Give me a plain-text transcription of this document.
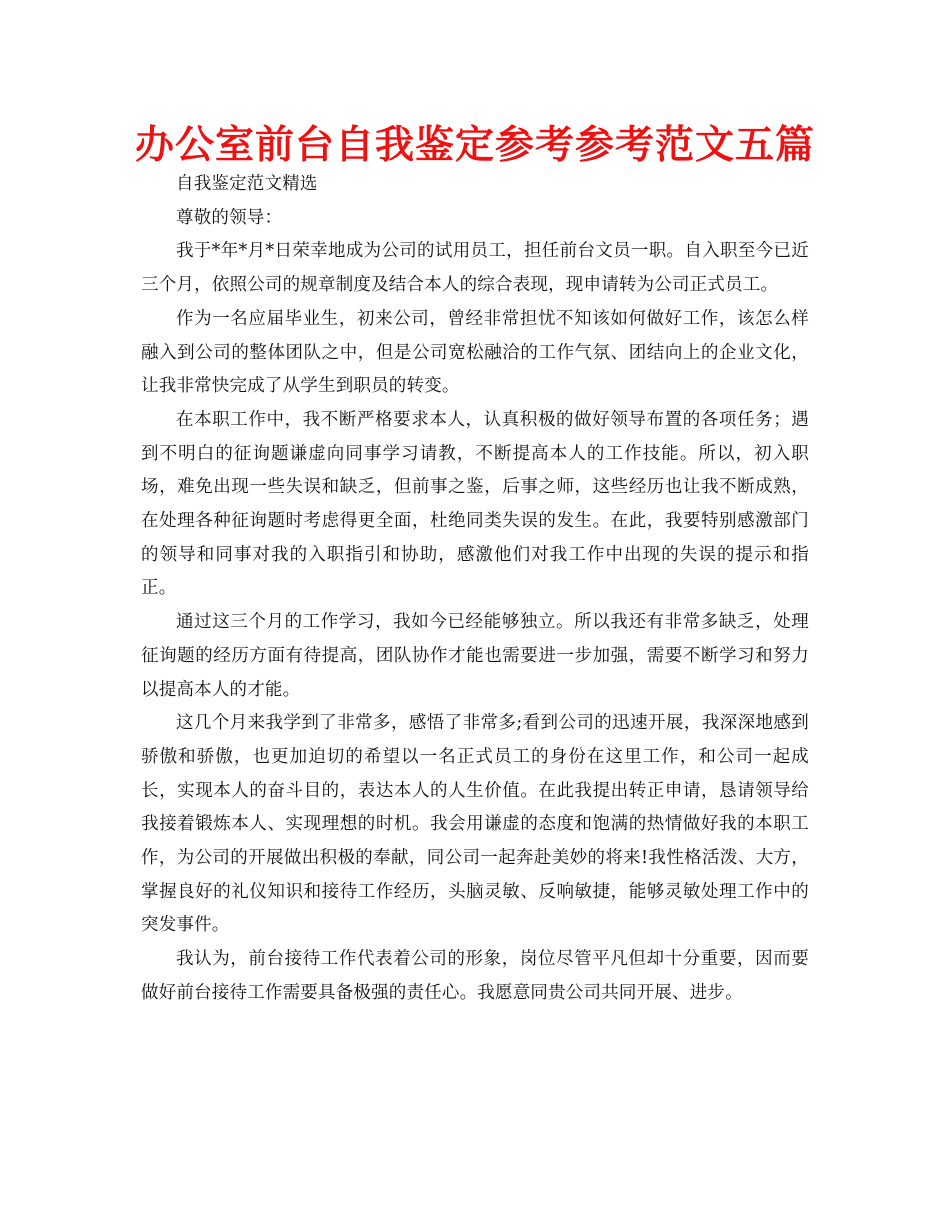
办公室前台自我鉴定参考参考范文五篇

自我鉴定范文精选

尊敬的领导：

我于*年*月*日荣幸地成为公司的试用员工，担任前台文员一职。自入职至今已近三个月，依照公司的规章制度及结合本人的综合表现，现申请转为公司正式员工。

作为一名应届毕业生，初来公司，曾经非常担忧不知该如何做好工作，该怎么样融入到公司的整体团队之中，但是公司宽松融洽的工作气氛、团结向上的企业文化，让我非常快完成了从学生到职员的转变。

在本职工作中，我不断严格要求本人，认真积极的做好领导布置的各项任务；遇到不明白的征询题谦虚向同事学习请教，不断提高本人的工作技能。所以，初入职场，难免出现一些失误和缺乏，但前事之鉴，后事之师，这些经历也让我不断成熟，在处理各种征询题时考虑得更全面，杜绝同类失误的发生。在此，我要特别感激部门的领导和同事对我的入职指引和协助，感激他们对我工作中出现的失误的提示和指正。

通过这三个月的工作学习，我如今已经能够独立。所以我还有非常多缺乏，处理征询题的经历方面有待提高，团队协作才能也需要进一步加强，需要不断学习和努力以提高本人的才能。

这几个月来我学到了非常多，感悟了非常多;看到公司的迅速开展，我深深地感到骄傲和骄傲，也更加迫切的希望以一名正式员工的身份在这里工作，和公司一起成长，实现本人的奋斗目的，表达本人的人生价值。在此我提出转正申请，恳请领导给我接着锻炼本人、实现理想的时机。我会用谦虚的态度和饱满的热情做好我的本职工作，为公司的开展做出积极的奉献，同公司一起奔赴美妙的将来!我性格活泼、大方，掌握良好的礼仪知识和接待工作经历，头脑灵敏、反响敏捷，能够灵敏处理工作中的突发事件。

我认为，前台接待工作代表着公司的形象，岗位尽管平凡但却十分重要，因而要做好前台接待工作需要具备极强的责任心。我愿意同贵公司共同开展、进步。
